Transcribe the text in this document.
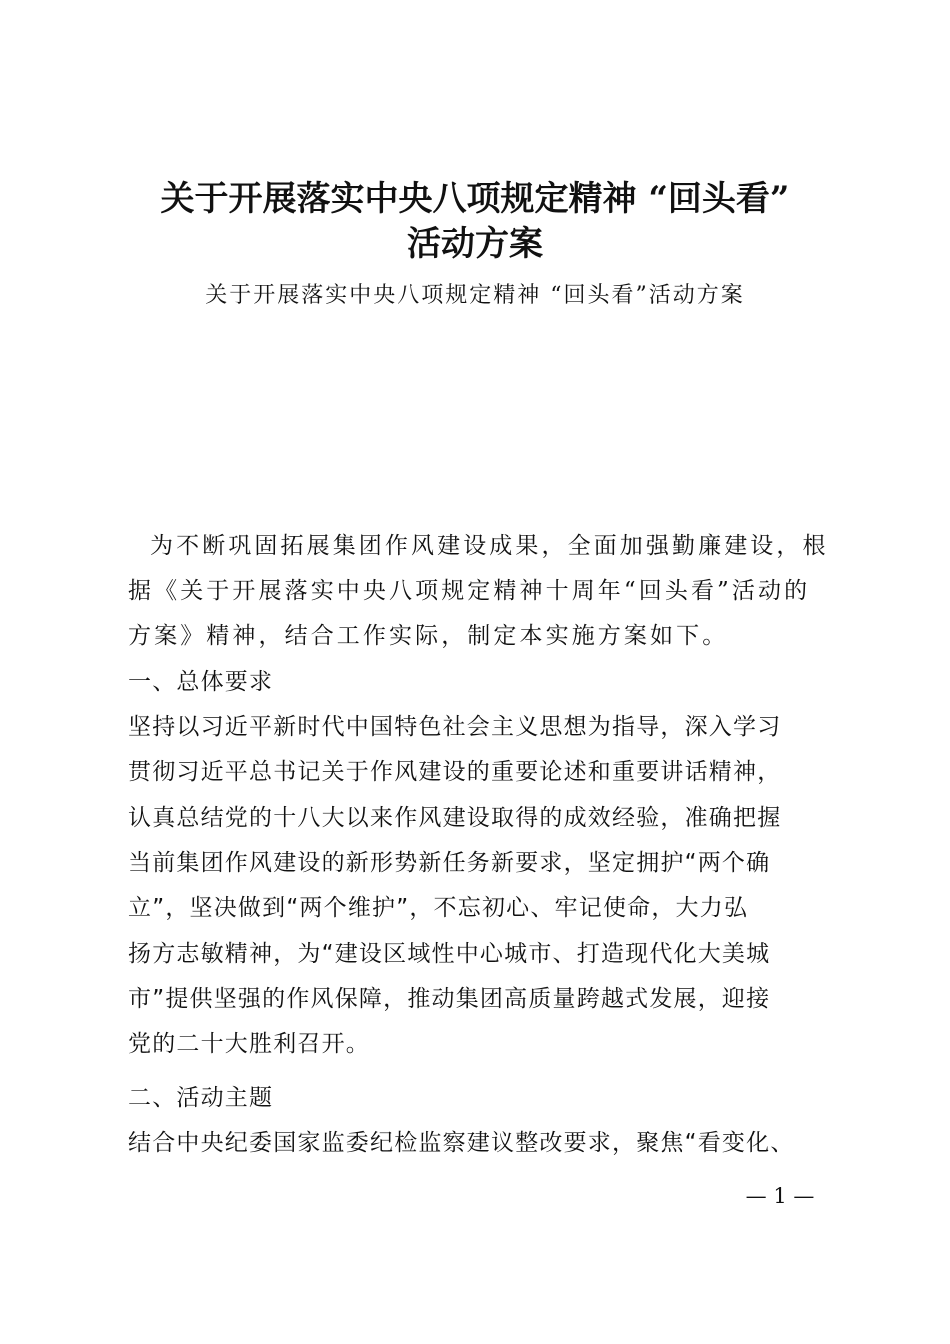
关于开展落实中央八项规定精神 “回头看”
活动方案
关于开展落实中央八项规定精神 “回头看”活动方案
为不断巩固拓展集团作风建设成果，全面加强勤廉建设，根
据《关于开展落实中央八项规定精神十周年“回头看”活动的
方案》精神，结合工作实际，制定本实施方案如下。
一、总体要求
坚持以习近平新时代中国特色社会主义思想为指导，深入学习
贯彻习近平总书记关于作风建设的重要论述和重要讲话精神，
认真总结党的十八大以来作风建设取得的成效经验，准确把握
当前集团作风建设的新形势新任务新要求，坚定拥护“两个确
立”，坚决做到“两个维护”，不忘初心、牢记使命，大力弘
扬方志敏精神，为“建设区域性中心城市、打造现代化大美城
市”提供坚强的作风保障，推动集团高质量跨越式发展，迎接
党的二十大胜利召开。
二、活动主题
结合中央纪委国家监委纪检监察建议整改要求，聚焦“看变化、
— 1 —
